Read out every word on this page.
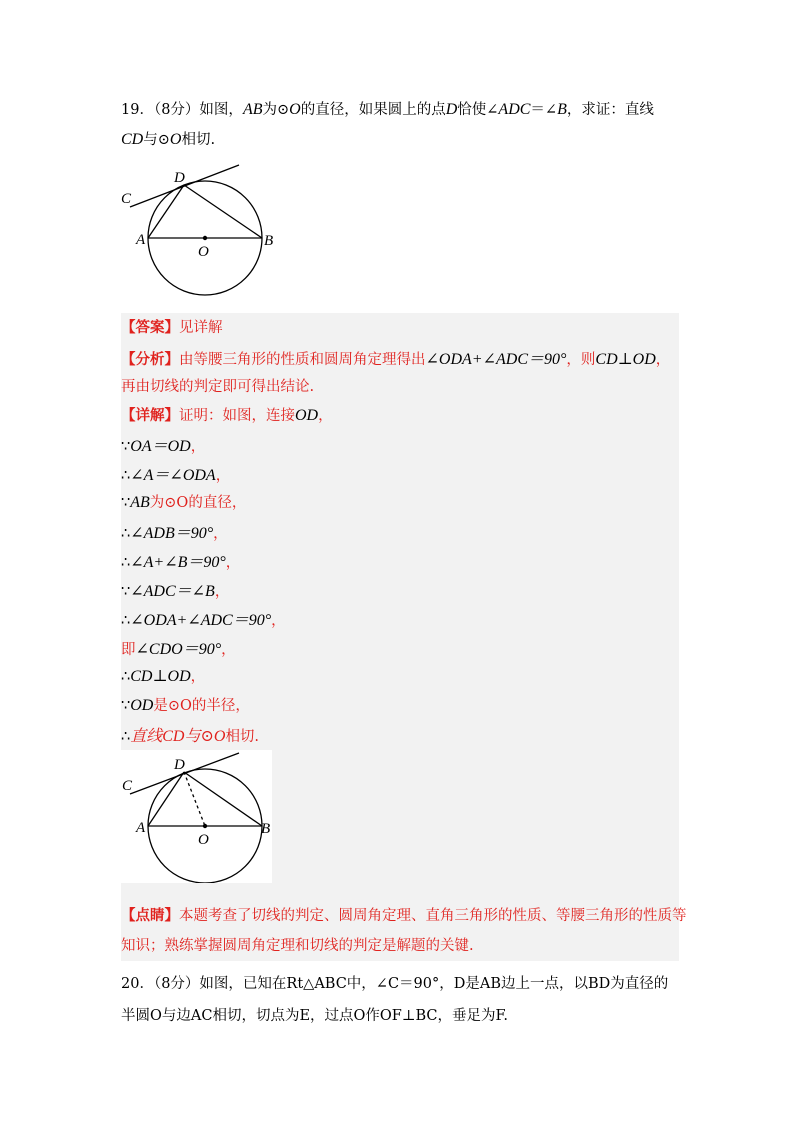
19．（8分）如图，AB为⊙O的直径，如果圆上的点D恰使∠ADC＝∠B，求证：直线
CD与⊙O相切.
C
D
A
O
B
【答案】见详解
【分析】由等腰三角形的性质和圆周角定理得出∠ODA+∠ADC＝90°，则CD⊥OD，
再由切线的判定即可得出结论.
【详解】证明：如图，连接OD，
∵OA＝OD，
∴∠A＝∠ODA，
∵AB为⊙O的直径，
∴∠ADB＝90°，
∴∠A+∠B＝90°，
∵∠ADC＝∠B，
∴∠ODA+∠ADC＝90°，
即∠CDO＝90°，
∴CD⊥OD，
∵OD是⊙O的半径，
∴直线CD与⊙O相切.
C
D
A
O
B
【点睛】本题考查了切线的判定、圆周角定理、直角三角形的性质、等腰三角形的性质等
知识；熟练掌握圆周角定理和切线的判定是解题的关键.
20．（8分）如图，已知在Rt△ABC中，∠C＝90°，D是AB边上一点，以BD为直径的
半圆O与边AC相切，切点为E，过点O作OF⊥BC，垂足为F.
